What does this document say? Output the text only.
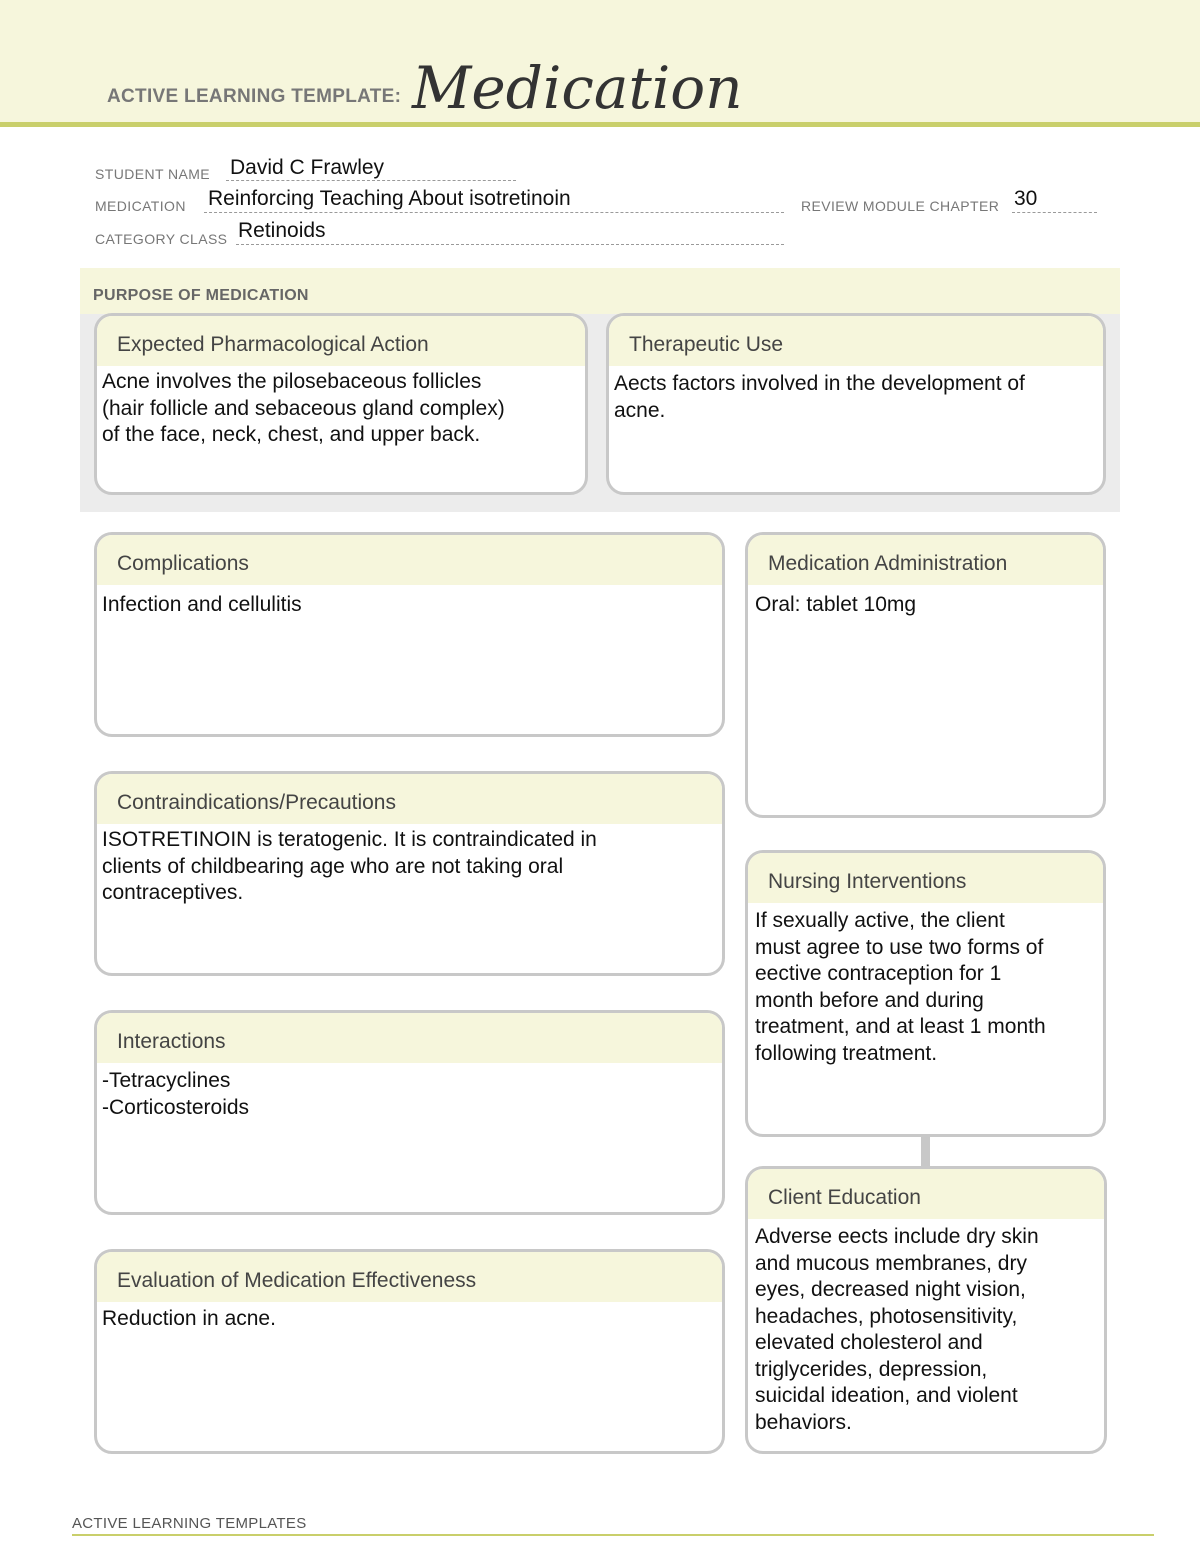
ACTIVE LEARNING TEMPLATE: Medication
STUDENT NAME David C Frawley
MEDICATION Reinforcing Teaching About isotretinoin	REVIEW MODULE CHAPTER 30
CATEGORY CLASS Retinoids
PURPOSE OF MEDICATION
Expected Pharmacological Action
Acne involves the pilosebaceous follicles
(hair follicle and sebaceous gland complex)
of the face, neck, chest, and upper back.
Therapeutic Use
Aects factors involved in the development of
acne.
Complications
Infection and cellulitis
Contraindications/Precautions
ISOTRETINOIN is teratogenic. It is contraindicated in
clients of childbearing age who are not taking oral
contraceptives.
Interactions
-Tetracyclines
-Corticosteroids
Evaluation of Medication Effectiveness
Reduction in acne.
Medication Administration
Oral: tablet 10mg
Nursing Interventions
If sexually active, the client
must agree to use two forms of
eective contraception for 1
month before and during
treatment, and at least 1 month
following treatment.
Client Education
Adverse eects include dry skin
and mucous membranes, dry
eyes, decreased night vision,
headaches, photosensitivity,
elevated cholesterol and
triglycerides, depression,
suicidal ideation, and violent
behaviors.
ACTIVE LEARNING TEMPLATES
